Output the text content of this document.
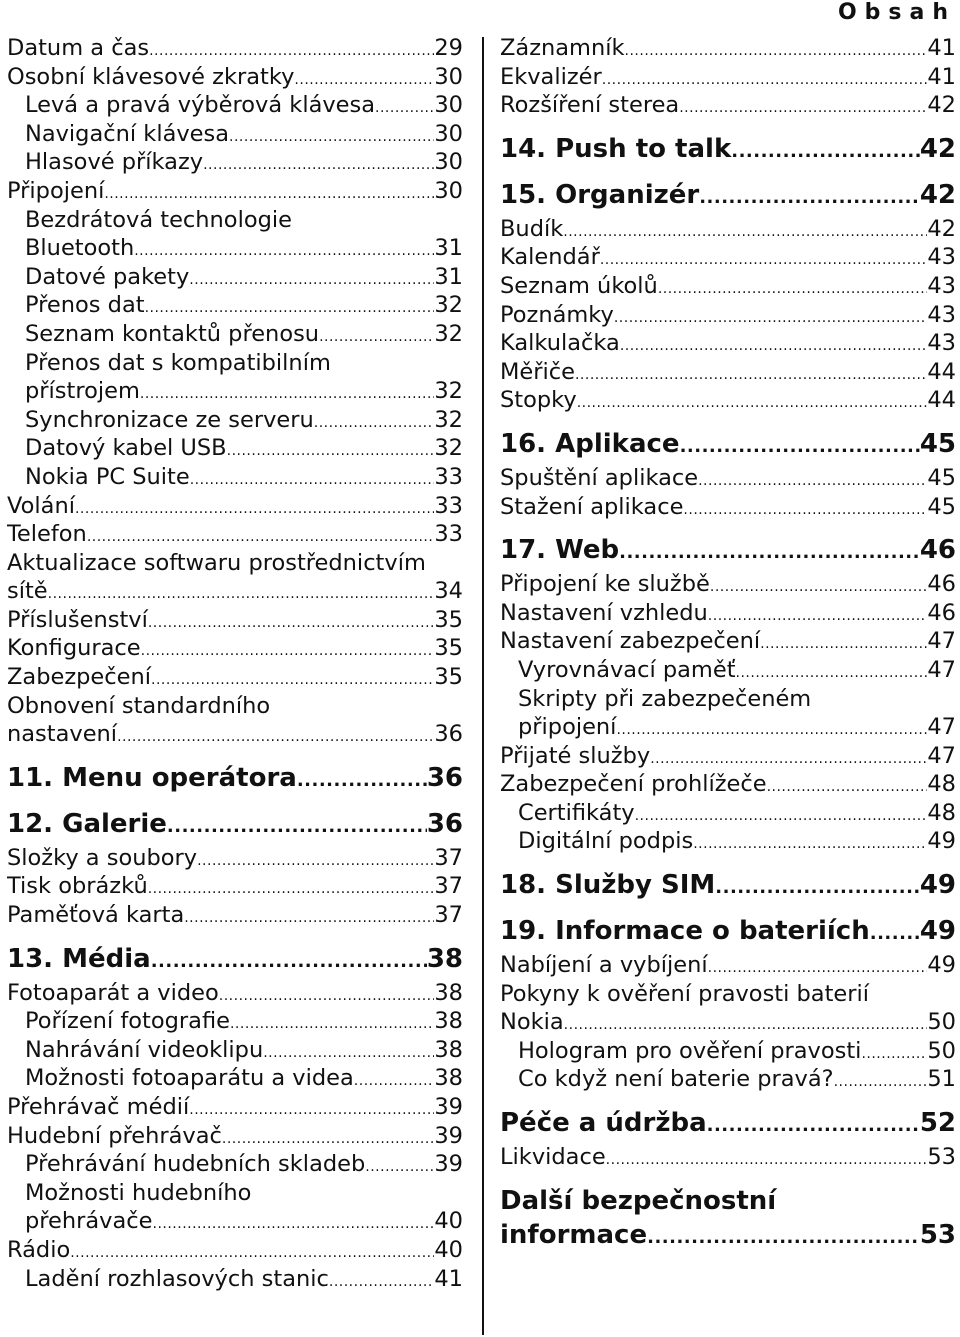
Obsah
Datum a čas .....	29
Osobní klávesové zkratky .....	30
Levá a pravá výběrová klávesa .....	30
Navigační klávesa .....	30
Hlasové příkazy .....	30
Připojení .....	30
Bezdrátová technologie
Bluetooth .....	31
Datové pakety .....	31
Přenos dat .....	32
Seznam kontaktů přenosu .....	32
Přenos dat s kompatibilním
přístrojem .....	32
Synchronizace ze serveru .....	32
Datový kabel USB .....	32
Nokia PC Suite .....	33
Volání .....	33
Telefon .....	33
Aktualizace softwaru prostřednictvím
sítě .....	34
Příslušenství .....	35
Konfigurace .....	35
Zabezpečení .....	35
Obnovení standardního
nastavení .....	36
11. Menu operátora .....	36
12. Galerie .....	36
Složky a soubory .....	37
Tisk obrázků .....	37
Paměťová karta .....	37
13. Média .....	38
Fotoaparát a video .....	38
Pořízení fotografie .....	38
Nahrávání videoklipu .....	38
Možnosti fotoaparátu a videa .....	38
Přehrávač médií .....	39
Hudební přehrávač .....	39
Přehrávání hudebních skladeb .....	39
Možnosti hudebního
přehrávače .....	40
Rádio .....	40
Ladění rozhlasových stanic .....	41
Záznamník .....	41
Ekvalizér .....	41
Rozšíření sterea .....	42
14. Push to talk .....	42
15. Organizér .....	42
Budík .....	42
Kalendář .....	43
Seznam úkolů .....	43
Poznámky .....	43
Kalkulačka .....	43
Měřiče .....	44
Stopky .....	44
16. Aplikace .....	45
Spuštění aplikace .....	45
Stažení aplikace .....	45
17. Web .....	46
Připojení ke službě .....	46
Nastavení vzhledu .....	46
Nastavení zabezpečení .....	47
Vyrovnávací paměť .....	47
Skripty při zabezpečeném
připojení .....	47
Přijaté služby .....	47
Zabezpečení prohlížeče .....	48
Certifikáty .....	48
Digitální podpis .....	49
18. Služby SIM .....	49
19. Informace o bateriích ..... 49
Nabíjení a vybíjení .....	49
Pokyny k ověření pravosti baterií
Nokia .....	50
Hologram pro ověření pravosti .....	50
Co když není baterie pravá? .....	51
Péče a údržba .....	52
Likvidace .....	53
Další bezpečnostní
informace .....	53
